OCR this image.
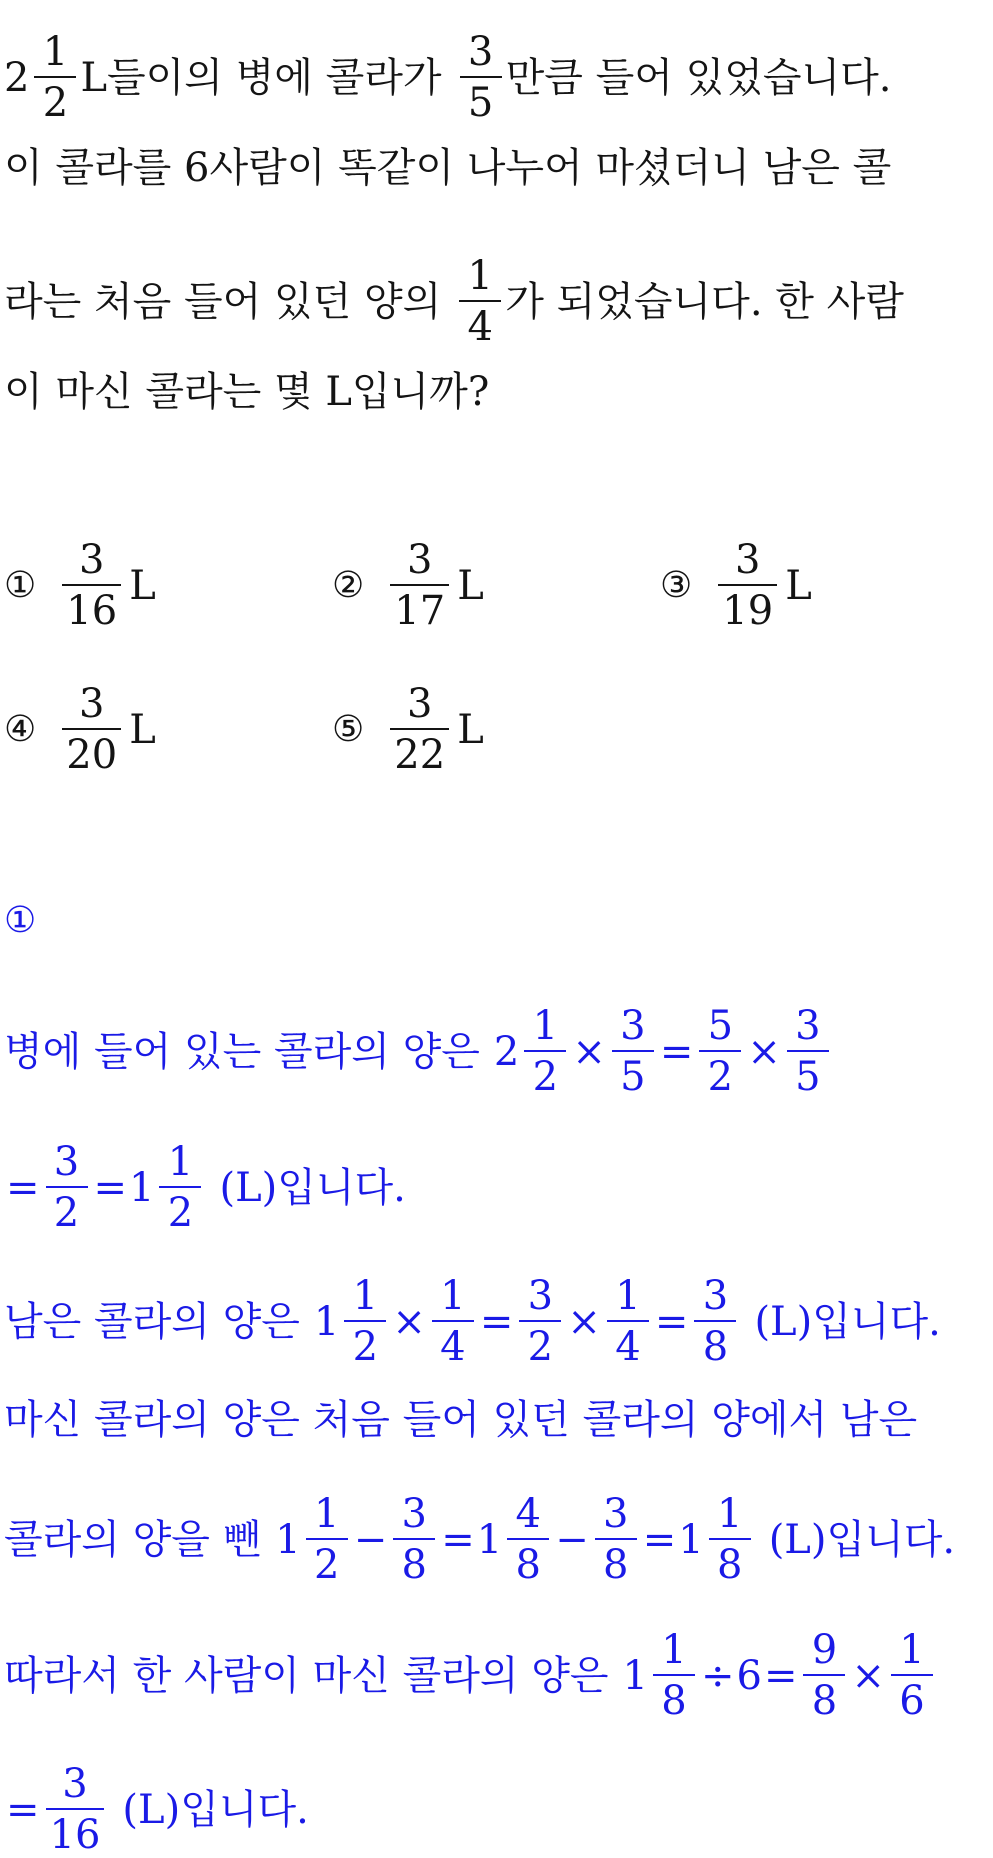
$2 \frac{1}{2}$ L들이의 병에 콜라가 $\frac{3}{5}$ 만큼 들어 있었습니다.
이 콜라를 6사람이 똑같이 나누어 마셨더니 남은 콜
라는 처음 들어 있던 양의 $\frac{1}{4}$ 가 되었습니다. 한 사람
이 마신 콜라는 몇 L입니까?
① $\frac{3}{16}$ L	② $\frac{3}{17}$ L	③ $\frac{3}{19}$ L
④ $\frac{3}{20}$ L	⑤ $\frac{3}{22}$ L
①
병에 들어 있는 콜라의 양은 $2 \frac{1}{2} \times \frac{3}{5} = \frac{5}{2} \times \frac{3}{5}$
= $\frac{3}{2} = 1 \frac{1}{2} (L)$입니다.
남은 콜라의 양은 $1 \frac{1}{2} \times \frac{1}{4} = \frac{3}{2} \times \frac{1}{4} = \frac{3}{8} (L)$입니다.
마신 콜라의 양은 처음 들어 있던 콜라의 양에서 남은
콜라의 양을 뺀 $1 \frac{1}{2} - \frac{3}{8} = 1 \frac{4}{8} - \frac{3}{8} = 1 \frac{1}{8} (L)$입니다.
따라서 한 사람이 마신 콜라의 양은 $1 \frac{1}{8} \div 6 = \frac{9}{8} \times \frac{1}{6}$
= $\frac{3}{16} (L)$입니다.
